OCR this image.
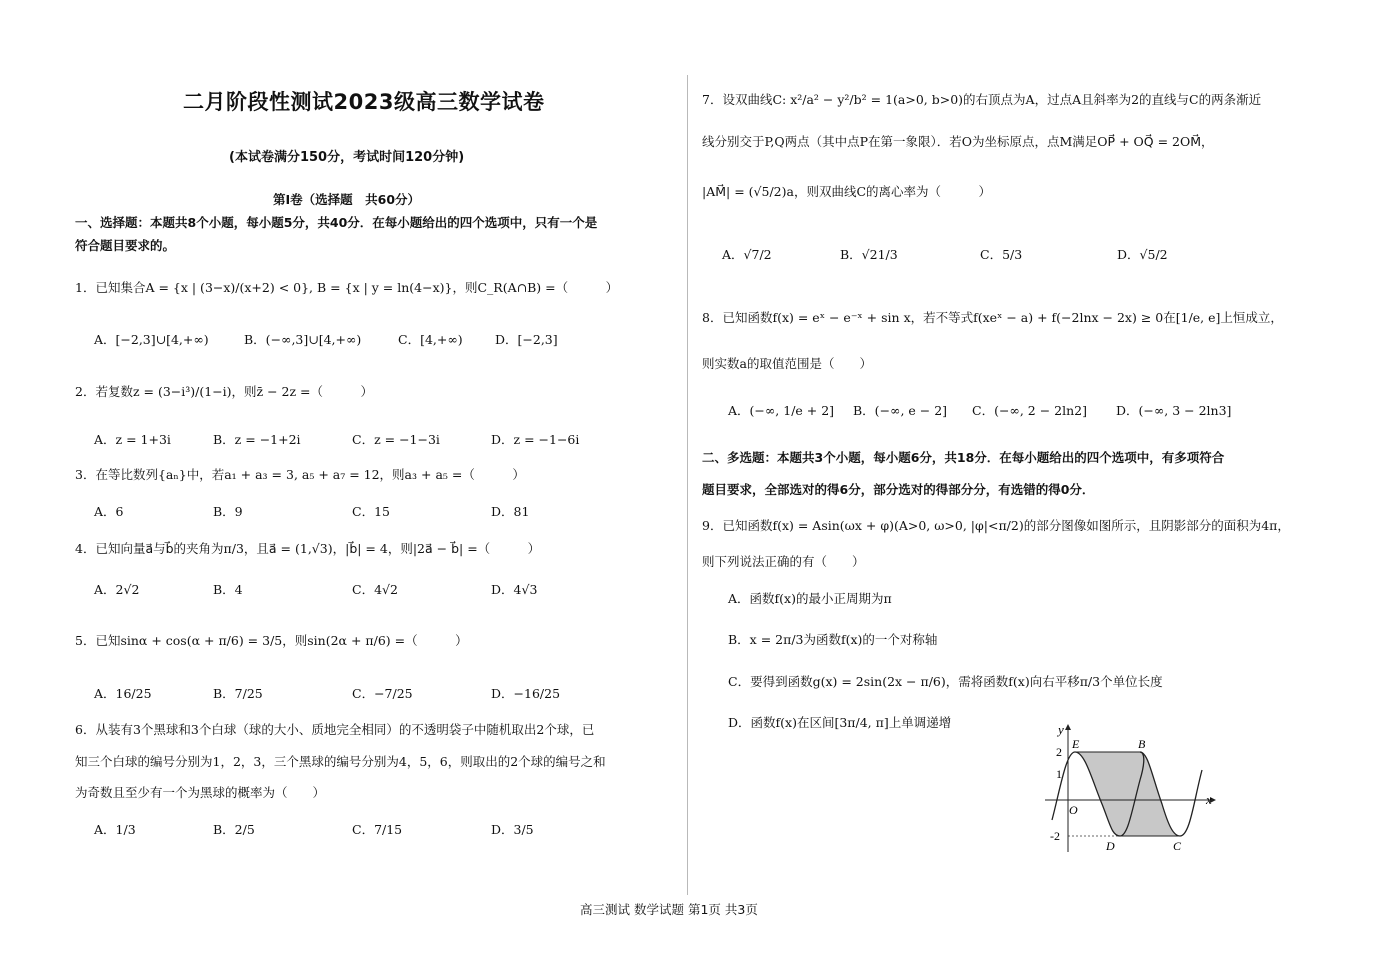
二月阶段性测试2023级高三数学试卷
(本试卷满分150分，考试时间120分钟)
第Ⅰ卷（选择题　共60分）
一、选择题：本题共8个小题，每小题5分，共40分．在每小题给出的四个选项中，只有一个是
符合题目要求的。
1．已知集合A = {x | (3−x)/(x+2) < 0}, B = {x | y = ln(4−x)}，则C_R(A∩B) =（　　　）
A．[−2,3]∪[4,+∞)	B．(−∞,3]∪[4,+∞)	C．[4,+∞)	D．[−2,3]
2．若复数z = (3−i³)/(1−i)，则z̄ − 2z =（　　　）
A．z = 1+3i	B．z = −1+2i	C．z = −1−3i	D．z = −1−6i
3．在等比数列{aₙ}中，若a₁ + a₃ = 3, a₅ + a₇ = 12，则a₃ + a₅ =（　　　）
A．6	B．9	C．15	D．81
4．已知向量a⃗与b⃗的夹角为π/3，且a⃗ = (1,√3)，|b⃗| = 4，则|2a⃗ − b⃗| =（　　　）
A．2√2	B．4	C．4√2	D．4√3
5．已知sinα + cos(α + π/6) = 3/5，则sin(2α + π/6) =（　　　）
A．16/25	B．7/25	C．−7/25	D．−16/25
6．从装有3个黑球和3个白球（球的大小、质地完全相同）的不透明袋子中随机取出2个球，已
知三个白球的编号分别为1，2，3，三个黑球的编号分别为4，5，6，则取出的2个球的编号之和
为奇数且至少有一个为黑球的概率为（　　）
A．1/3	B．2/5	C．7/15	D．3/5
7．设双曲线C: x²/a² − y²/b² = 1(a>0, b>0)的右顶点为A，过点A且斜率为2的直线与C的两条渐近
线分别交于P,Q两点（其中点P在第一象限）．若O为坐标原点，点M满足OP⃗ + OQ⃗ = 2OM⃗，
|AM⃗| = (√5/2)a，则双曲线C的离心率为（　　　）
A．√7/2	B．√21/3	C．5/3	D．√5/2
8．已知函数f(x) = eˣ − e⁻ˣ + sin x，若不等式f(xeˣ − a) + f(−2lnx − 2x) ≥ 0在[1/e, e]上恒成立，
则实数a的取值范围是（　　）
A．(−∞, 1/e + 2] B．(−∞, e − 2] C．(−∞, 2 − 2ln2] D．(−∞, 3 − 2ln3]
二、多选题：本题共3个小题，每小题6分，共18分．在每小题给出的四个选项中，有多项符合
题目要求，全部选对的得6分，部分选对的得部分分，有选错的得0分．
9．已知函数f(x) = Asin(ωx + φ)(A>0, ω>0, |φ|<π/2)的部分图像如图所示，且阴影部分的面积为4π，
则下列说法正确的有（　　）
A．函数f(x)的最小正周期为π
B．x = 2π/3为函数f(x)的一个对称轴
C．要得到函数g(x) = 2sin(2x − π/6)，需将函数f(x)向右平移π/3个单位长度
D．函数f(x)在区间[3π/4, π]上单调递增	y
x
O
E	B
D	C
2
1
-2
高三测试 数学试题 第1页 共3页
